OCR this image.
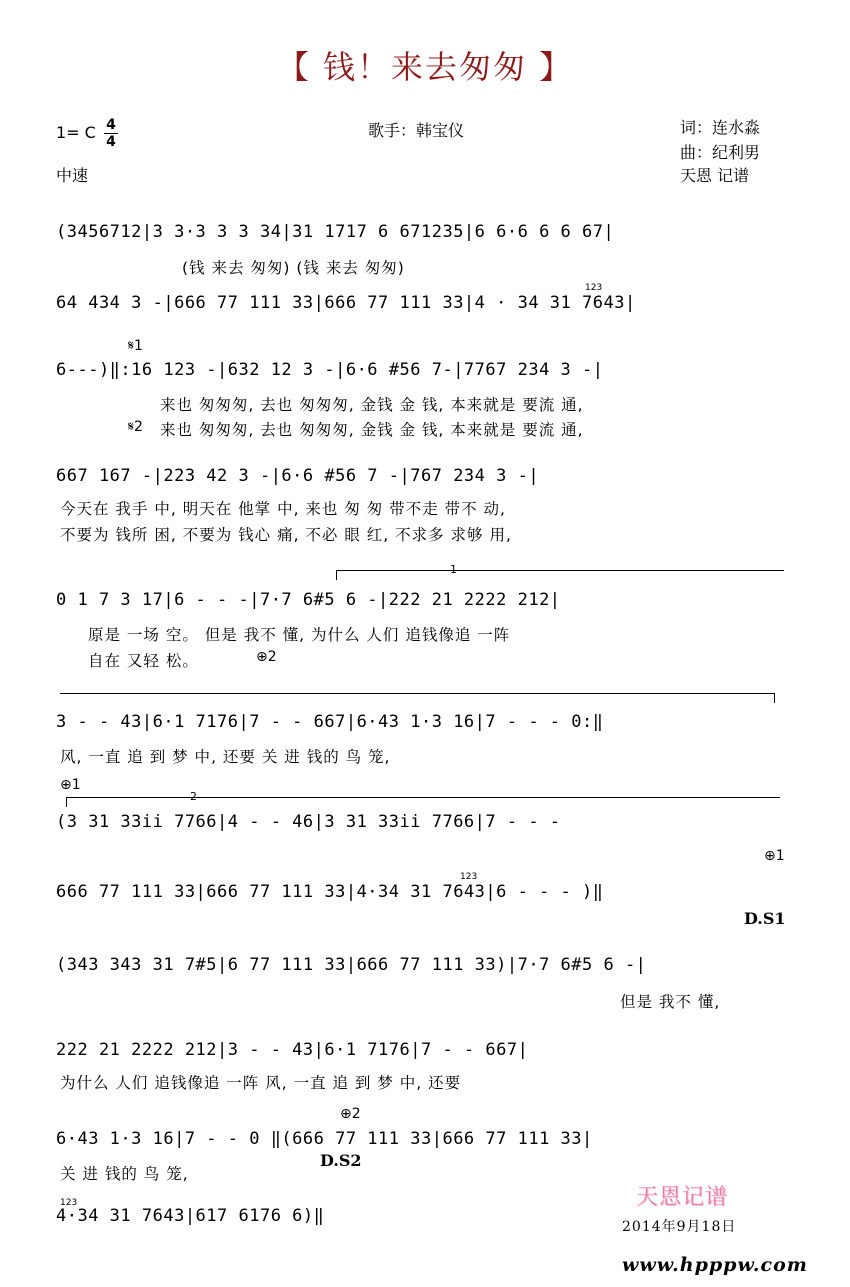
【 钱！来去匆匆 】
1= C 4
4
中速
歌手：韩宝仪	词：连水淼
曲：纪利男
天恩 记谱
(3456712|3 3·3 3 3 34|31 1717 6 671235|6 6·6 6 6 67|
(钱 来去 匆匆) (钱 来去 匆匆)
64 434 3 -|666 77 111 33|666 77 111 33|4 · 34 31 7643|
123
𝄋1
6---)‖:16 123 -|632 12 3 -|6·6 #56 7-|7767 234 3 -|
来也 匆匆匆, 去也 匆匆匆, 金钱 金 钱, 本来就是 要流 通,
𝄋2 来也 匆匆匆, 去也 匆匆匆, 金钱 金 钱, 本来就是 要流 通,
667 167 -|223 42 3 -|6·6 #56 7 -|767 234 3 -|
今天在 我手 中, 明天在 他掌 中, 来也 匆 匆 带不走 带不 动,
不要为 钱所 困, 不要为 钱心 痛, 不必 眼 红, 不求多 求够 用,
1
0 1 7 3 17|6 - - -|7·7 6#5 6 -|222 21 2222 212|
原是 一场 空。 但是 我不 懂, 为什么 人们 追钱像追 一阵
自在 又轻 松。	⊕2
3 - - 43|6·1 7176|7 - - 667|6·43 1·3 16|7 - - - 0:‖
风, 一直 追 到 梦 中, 还要 关 进 钱的 鸟 笼,
⊕1
2
(3 31 33ii 7766|4 - - 46|3 31 33ii 7766|7 - - -
⊕1
666 77 111 33|666 77 111 33|4·34 31 7643|6 - - - )‖
123
D.S1
(343 343 31 7#5|6 77 111 33|666 77 111 33)|7·7 6#5 6 -|
但是 我不 懂,
222 21 2222 212|3 - - 43|6·1 7176|7 - - 667|
为什么 人们 追钱像追 一阵 风, 一直 追 到 梦 中, 还要
⊕2
6·43 1·3 16|7 - - 0 ‖(666 77 111 33|666 77 111 33|
D.S2
关 进 钱的 鸟 笼,
123
4·34 31 7643|617 6176 6)‖
天恩记谱
2014年9月18日
www.hpppw.com
